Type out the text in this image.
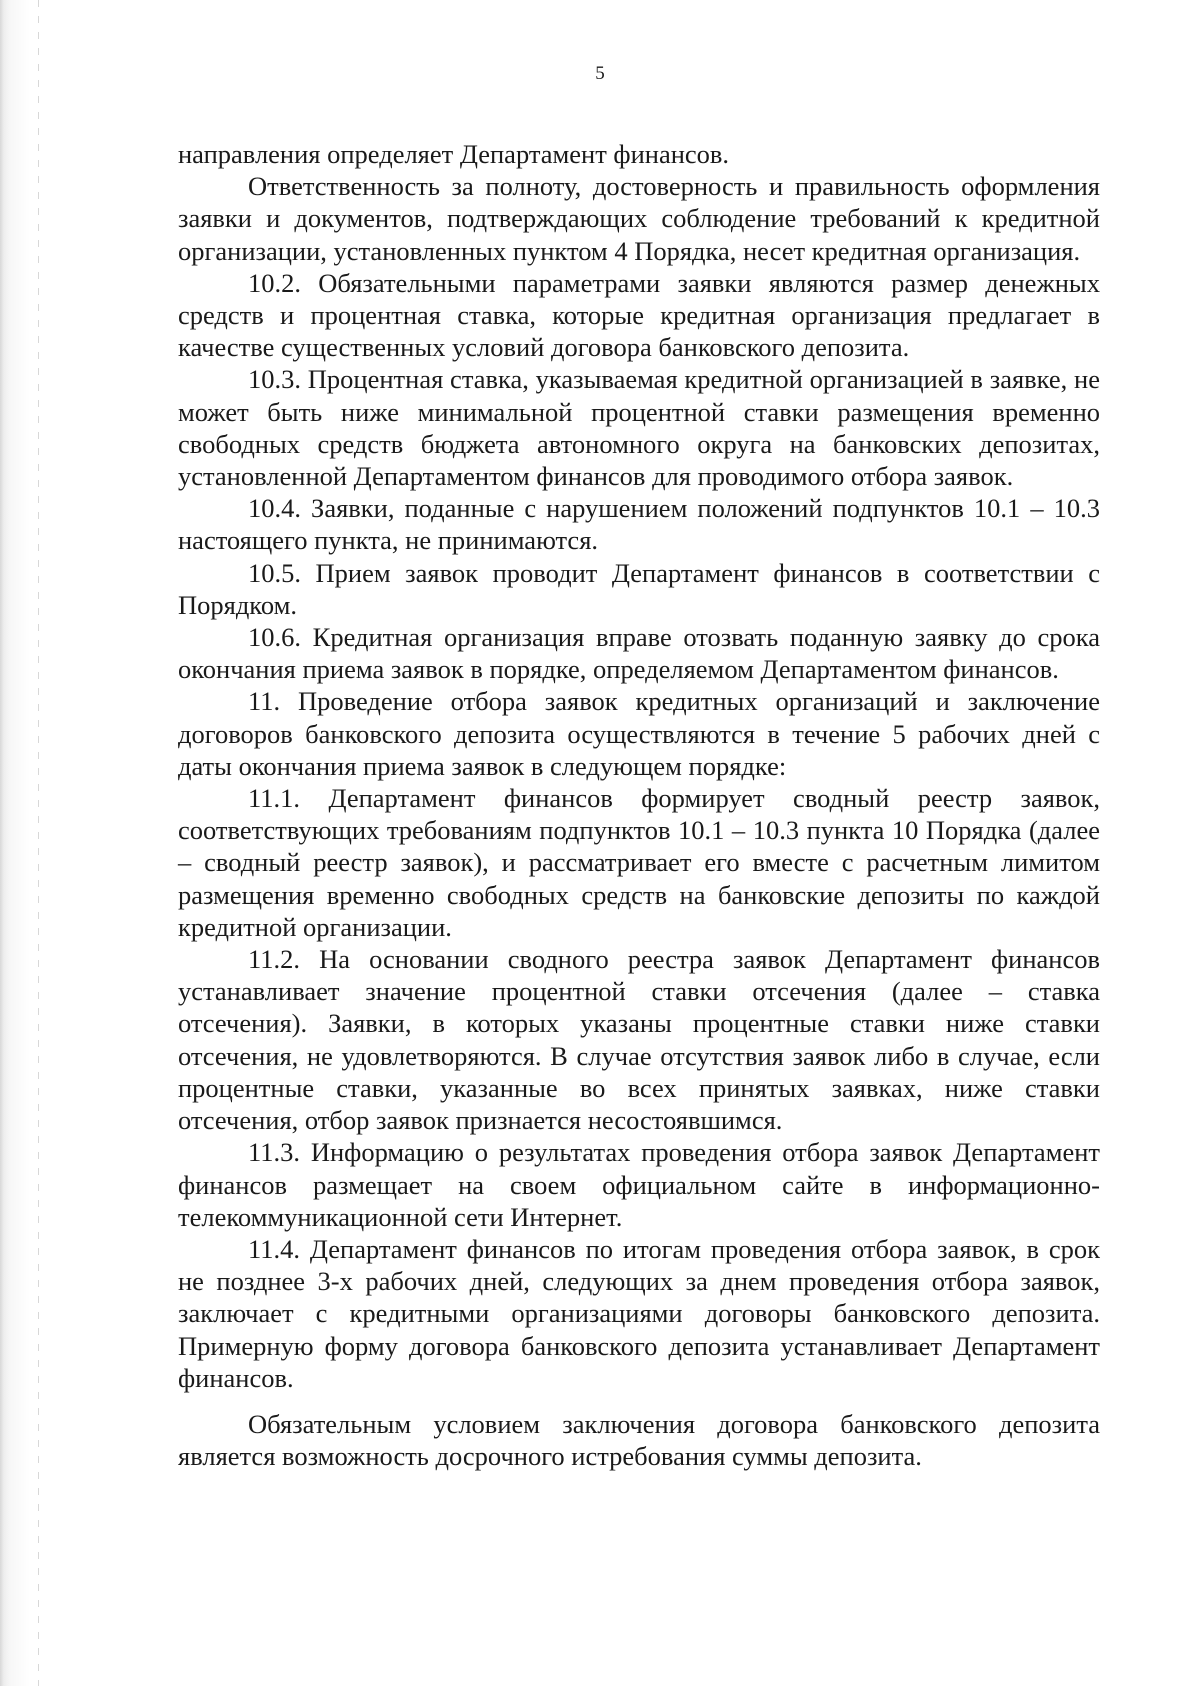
5

направления определяет Департамент финансов.

Ответственность за полноту, достоверность и правильность оформления заявки и документов, подтверждающих соблюдение требований к кредитной организации, установленных пунктом 4 Порядка, несет кредитная организация.

10.2. Обязательными параметрами заявки являются размер денежных средств и процентная ставка, которые кредитная организация предлагает в качестве существенных условий договора банковского депозита.

10.3. Процентная ставка, указываемая кредитной организацией в заявке, не может быть ниже минимальной процентной ставки размещения временно свободных средств бюджета автономного округа на банковских депозитах, установленной Департаментом финансов для проводимого отбора заявок.

10.4. Заявки, поданные с нарушением положений подпунктов 10.1 – 10.3 настоящего пункта, не принимаются.

10.5. Прием заявок проводит Департамент финансов в соответствии с Порядком.

10.6. Кредитная организация вправе отозвать поданную заявку до срока окончания приема заявок в порядке, определяемом Департаментом финансов.

11. Проведение отбора заявок кредитных организаций и заключение договоров банковского депозита осуществляются в течение 5 рабочих дней с даты окончания приема заявок в следующем порядке:

11.1. Департамент финансов формирует сводный реестр заявок, соответствующих требованиям подпунктов 10.1 – 10.3 пункта 10 Порядка (далее – сводный реестр заявок), и рассматривает его вместе с расчетным лимитом размещения временно свободных средств на банковские депозиты по каждой кредитной организации.

11.2. На основании сводного реестра заявок Департамент финансов устанавливает значение процентной ставки отсечения (далее – ставка отсечения). Заявки, в которых указаны процентные ставки ниже ставки отсечения, не удовлетворяются. В случае отсутствия заявок либо в случае, если процентные ставки, указанные во всех принятых заявках, ниже ставки отсечения, отбор заявок признается несостоявшимся.

11.3. Информацию о результатах проведения отбора заявок Департамент финансов размещает на своем официальном сайте в информационно-телекоммуникационной сети Интернет.

11.4. Департамент финансов по итогам проведения отбора заявок, в срок не позднее 3-х рабочих дней, следующих за днем проведения отбора заявок, заключает с кредитными организациями договоры банковского депозита. Примерную форму договора банковского депозита устанавливает Департамент финансов.

Обязательным условием заключения договора банковского депозита является возможность досрочного истребования суммы депозита.
